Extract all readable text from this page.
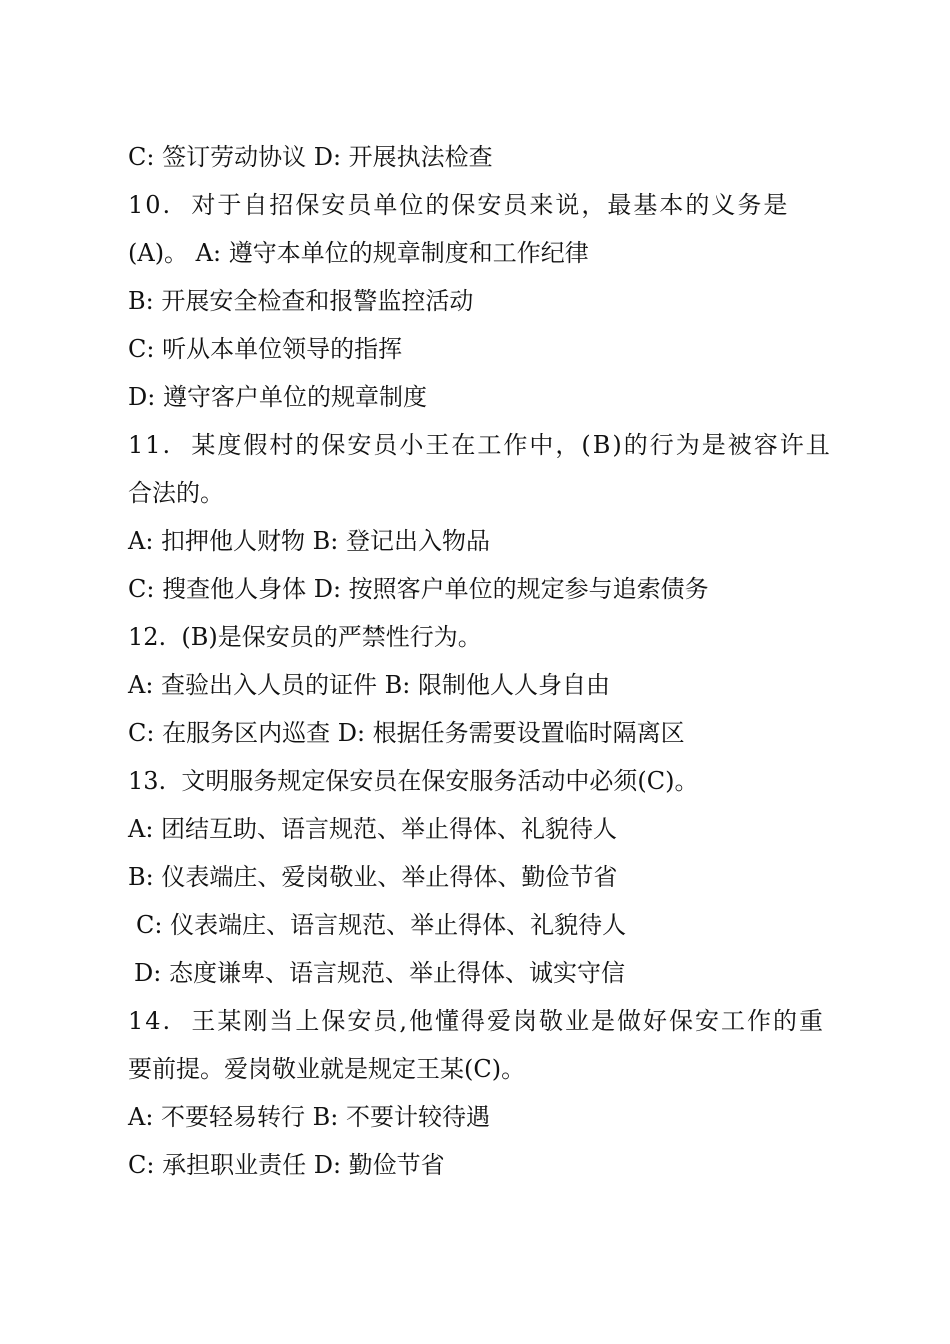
C: 签订劳动协议 D: 开展执法检查
10.  对于自招保安员单位的保安员来说，最基本的义务是
(A)。 A: 遵守本单位的规章制度和工作纪律
B: 开展安全检查和报警监控活动
C: 听从本单位领导的指挥
D: 遵守客户单位的规章制度
11.  某度假村的保安员小王在工作中，(B)的行为是被容许且
合法的。
A: 扣押他人财物 B: 登记出入物品
C: 搜查他人身体 D: 按照客户单位的规定参与追索债务
12.  (B)是保安员的严禁性行为。
A: 查验出入人员的证件 B: 限制他人人身自由
C: 在服务区内巡查 D: 根据任务需要设置临时隔离区
13.  文明服务规定保安员在保安服务活动中必须(C)。
A: 团结互助、语言规范、举止得体、礼貌待人
B: 仪表端庄、爱岗敬业、举止得体、勤俭节省
C: 仪表端庄、语言规范、举止得体、礼貌待人
D: 态度谦卑、语言规范、举止得体、诚实守信
14.  王某刚当上保安员,他懂得爱岗敬业是做好保安工作的重
要前提。爱岗敬业就是规定王某(C)。
A: 不要轻易转行 B: 不要计较待遇
C: 承担职业责任 D: 勤俭节省
